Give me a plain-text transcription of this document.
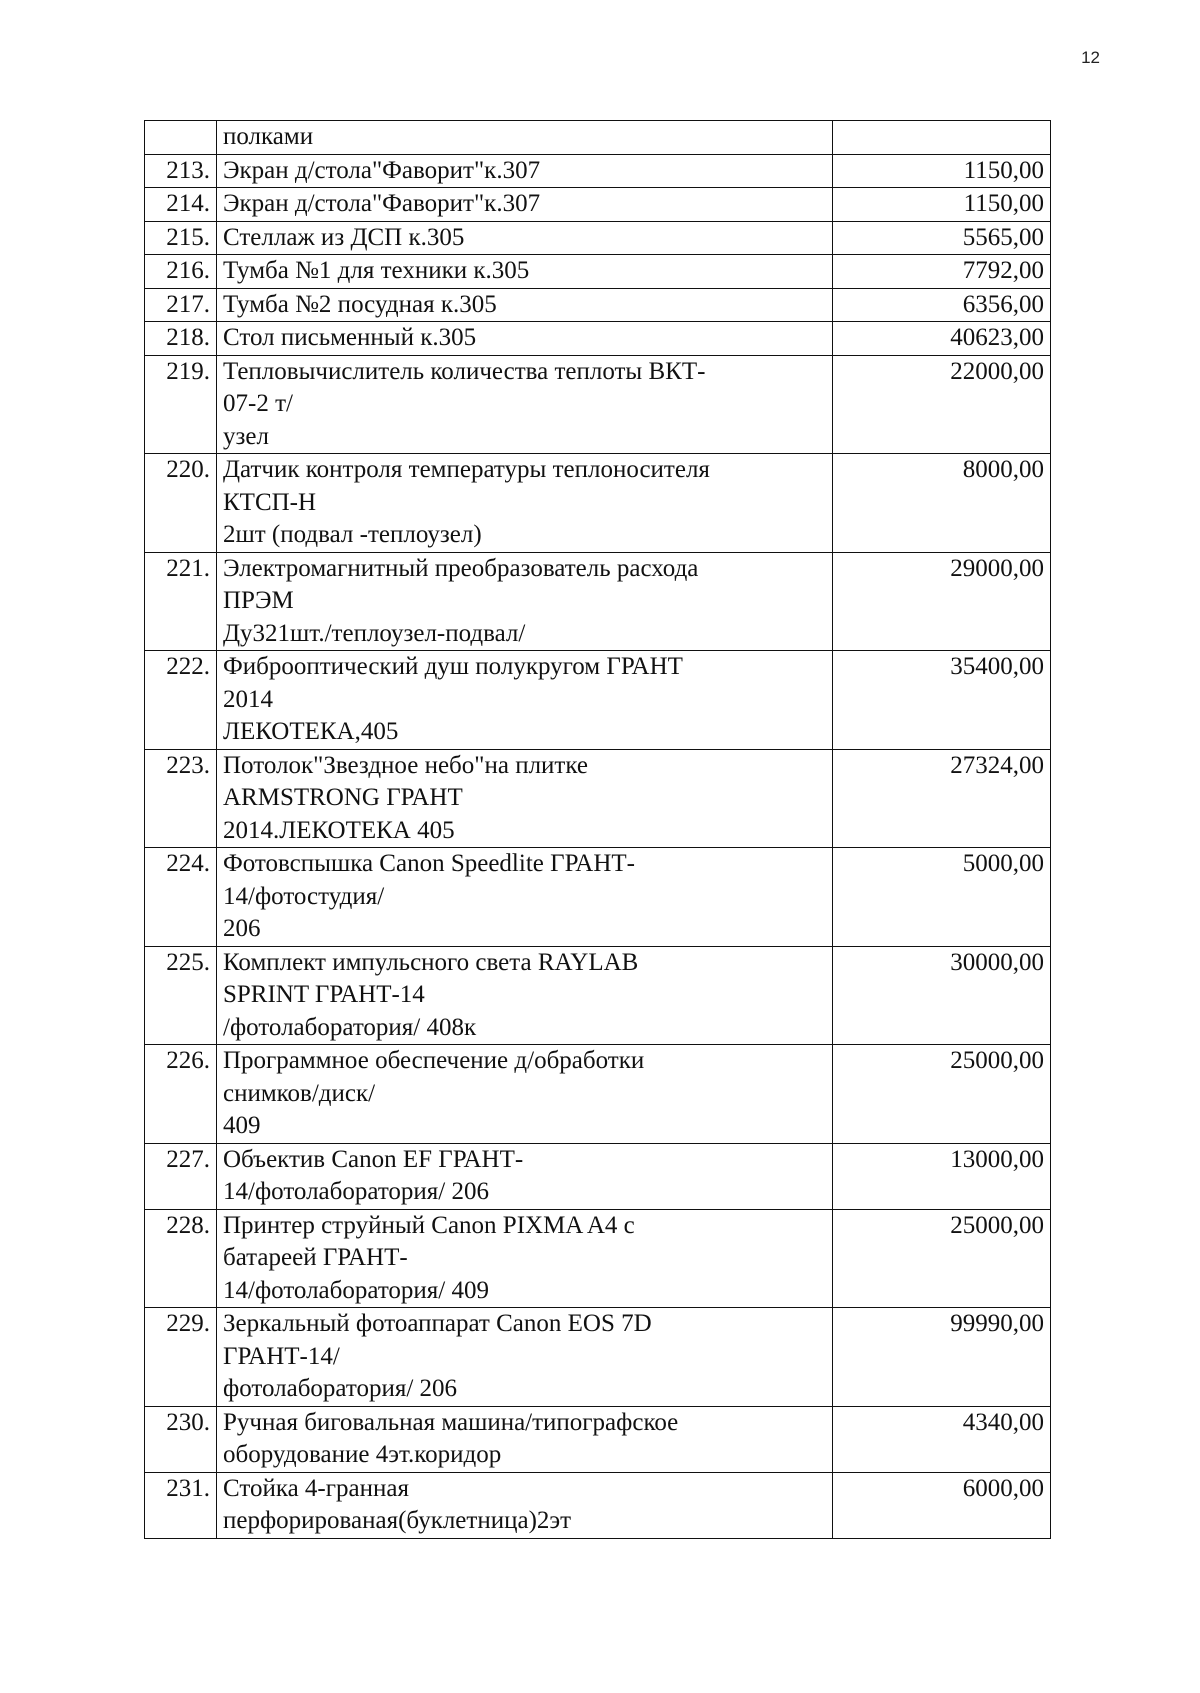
12
	полками	
213.	Экран д/стола"Фаворит"к.307	1150,00
214.	Экран д/стола"Фаворит"к.307	1150,00
215.	Стеллаж из ДСП к.305	5565,00
216.	Тумба №1 для техники к.305	7792,00
217.	Тумба №2 посудная к.305	6356,00
218.	Стол письменный к.305	40623,00
219.	Тепловычислитель количества теплоты ВКТ-
07-2 т/
узел	22000,00
220.	Датчик контроля температуры теплоносителя
КТСП-Н
2шт (подвал -теплоузел)	8000,00
221.	Электромагнитный преобразователь расхода
ПРЭМ
Ду321шт./теплоузел-подвал/	29000,00
222.	Фиброоптический душ полукругом ГРАНТ
2014
ЛЕКОТЕКА,405	35400,00
223.	Потолок"Звездное небо"на плитке
ARMSTRONG ГРАНТ
2014.ЛЕКОТЕКА 405	27324,00
224.	Фотовспышка Canon Speedlite ГРАНТ-
14/фотостудия/
206	5000,00
225.	Комплект импульсного света RAYLAB
SPRINT ГРАНТ-14
/фотолаборатория/ 408к	30000,00
226.	Программное обеспечение д/обработки
снимков/диск/
409	25000,00
227.	Объектив Canon EF ГРАНТ-
14/фотолаборатория/ 206	13000,00
228.	Принтер струйный Canon PIXMA A4 с
батареей ГРАНТ-
14/фотолаборатория/ 409	25000,00
229.	Зеркальный фотоаппарат Canon EOS 7D
ГРАНТ-14/
фотолаборатория/ 206	99990,00
230.	Ручная биговальная машина/типографское
оборудование 4эт.коридор	4340,00
231.	Стойка 4-гранная
перфорированая(буклетница)2эт	6000,00
